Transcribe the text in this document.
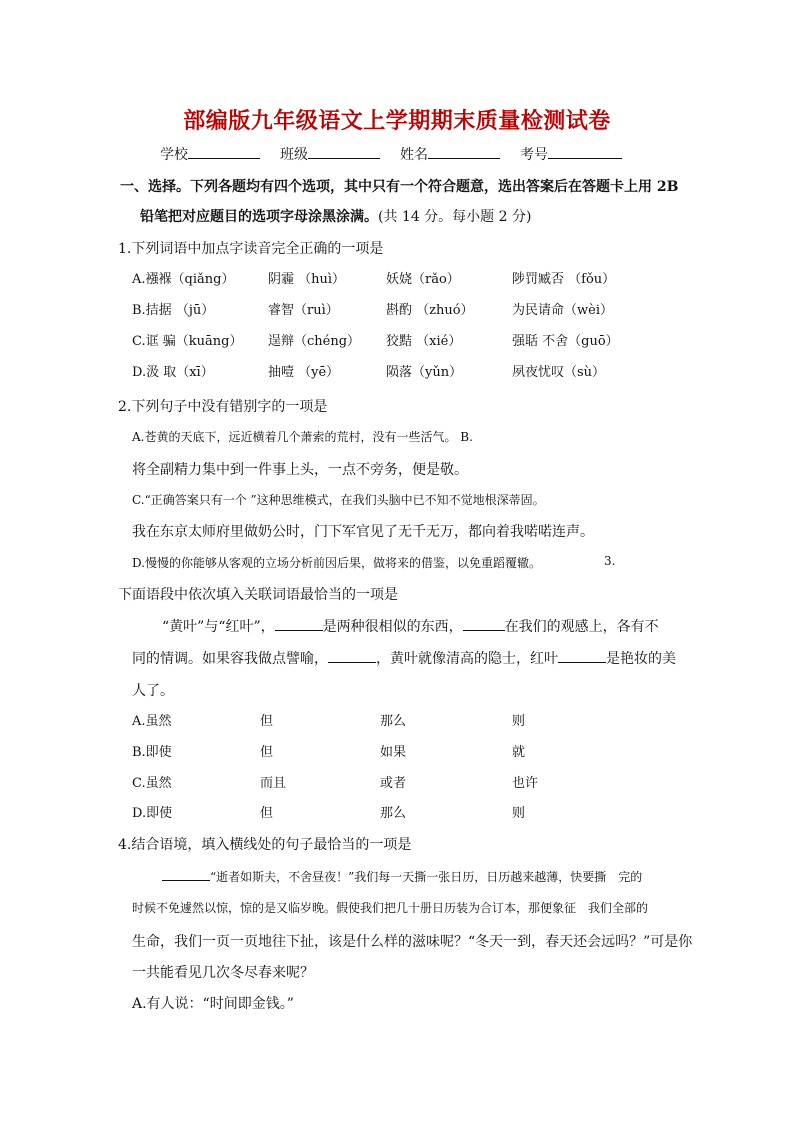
部编版九年级语文上学期期末质量检测试卷
学校	班级	姓名	考号
一、选择。下列各题均有四个选项，其中只有一个符合题意，选出答案后在答题卡上用 2B
铅笔把对应题目的选项字母涂黑涂满。(共 14 分。每小题 2 分)
1.下列词语中加点字读音完全正确的一项是
A.襁褓（qiǎng）	阴霾 （huì）	妖娆（rǎo）	陟罚臧否 （fǒu）
B.拮据 （jū）	睿智（ruì）	斟酌 （zhuó）	为民请命（wèi）
C.诓 骗（kuāng） 逞辩（chéng） 狡黠 （xié）	强聒 不舍（guō）
D.汲 取（xī）	抽噎 （yē）	陨落（yǔn）	夙夜忧叹（sù）
2.下列句子中没有错别字的一项是
A.苍黄的天底下，远近横着几个萧索的荒村，没有一些活气。 B.
将全副精力集中到一件事上头，一点不旁务，便是敬。
C.“正确答案只有一个 ”这种思维模式，在我们头脑中已不知不觉地根深蒂固。
我在东京太师府里做奶公时，门下军官见了无千无万，都向着我喏喏连声。
D.慢慢的你能够从客观的立场分析前因后果，做将来的借鉴，以免重蹈覆辙。	3.
下面语段中依次填入关联词语最恰当的一项是
“黄叶”与“红叶”，	是两种很相似的东西，	在我们的观感上，各有不
同的情调。如果容我做点譬喻，	，黄叶就像清高的隐士，红叶	是艳妆的美
人了。
A.虽然	但	那么	则
B.即使	但	如果	就
C.虽然	而且	或者	也许
D.即使	但	那么	则
4.结合语境，填入横线处的句子最恰当的一项是
“逝者如斯夫，不舍昼夜！”我们每一天撕一张日历，日历越来越薄，快要撕　完的
时候不免遽然以惊，惊的是又临岁晚。假使我们把几十册日历装为合订本，那便象征　我们全部的
生命，我们一页一页地往下扯，该是什么样的滋味呢？“冬天一到，春天还会远吗？”可是你
一共能看见几次冬尽春来呢？
A.有人说：“时间即金钱。”
